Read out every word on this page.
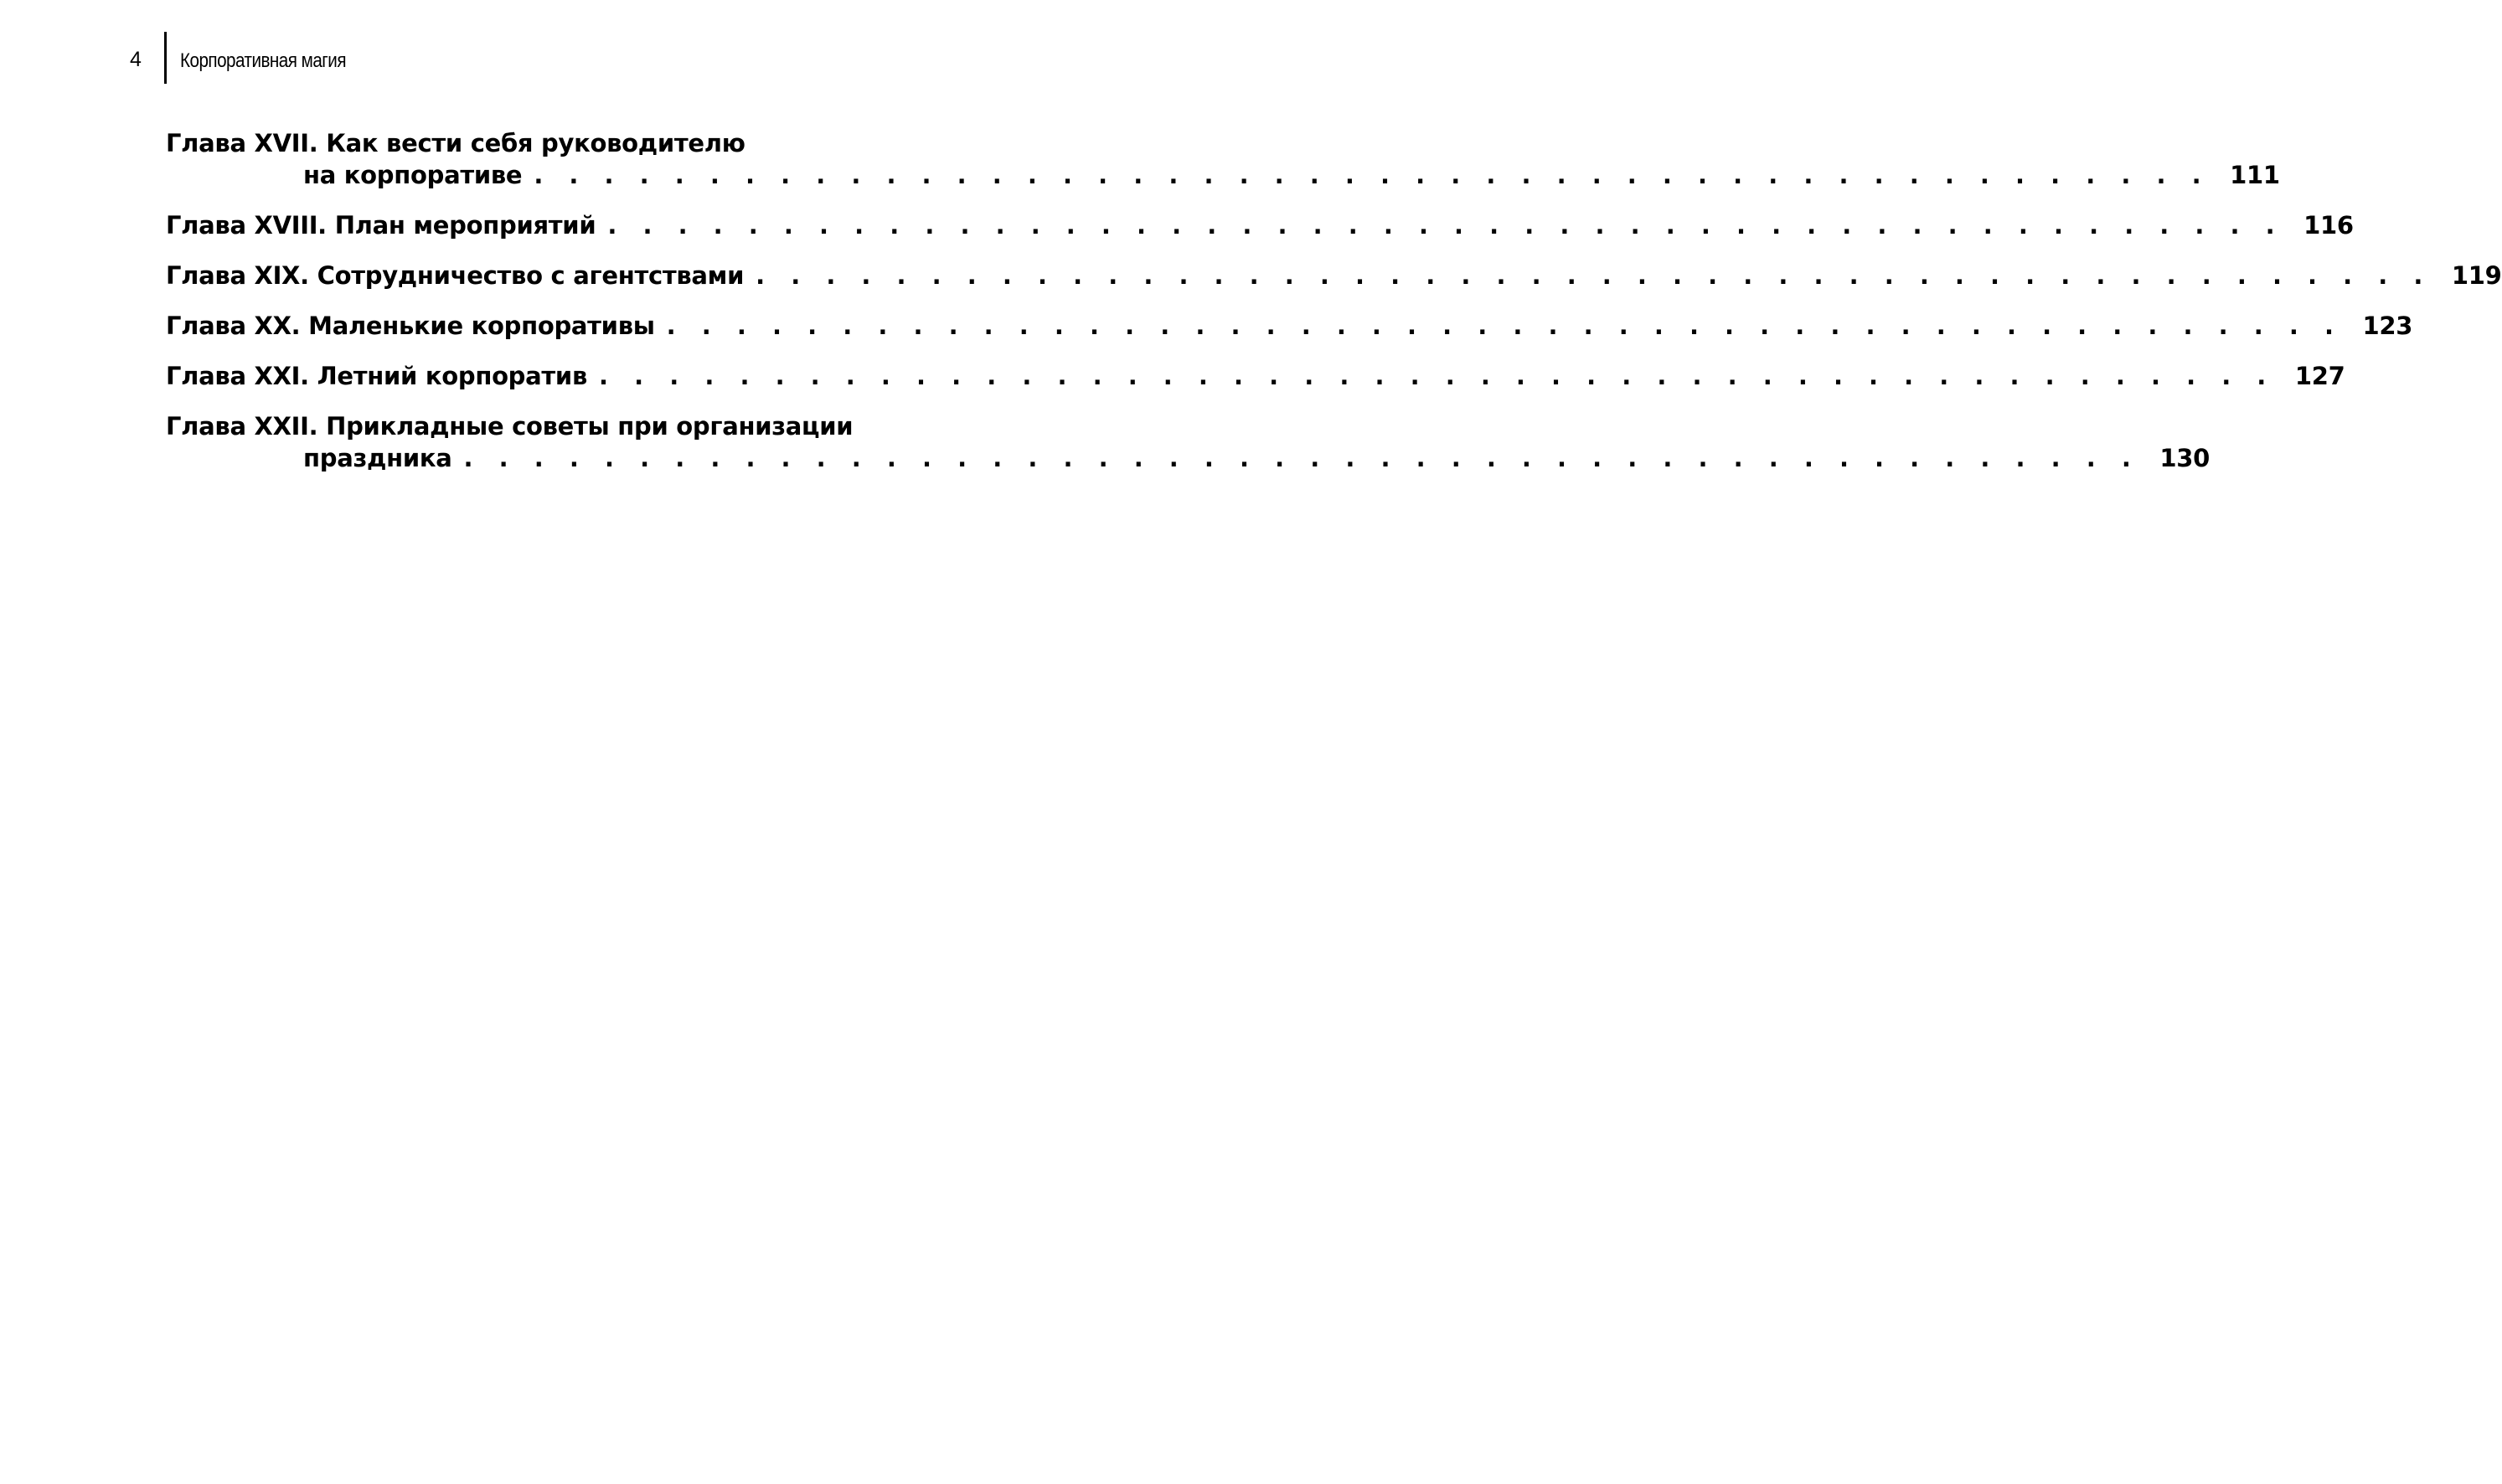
4 Корпоративная магия
Глава XVII. Как вести себя руководителю
на корпоративе . . . . . . . . . . . . . . . . . . . . . . . . . . . . . . . . . . . . . . . . . . . . . . . . 111
Глава XVIII. План мероприятий . . . . . . . . . . . . . . . . . . . . . . . . . . . . . . . . . . . . . . . . . . . . . . . . 116
Глава XIX. Сотрудничество с агентствами . . . . . . . . . . . . . . . . . . . . . . . . . . . . . . . . . . . . . . . . . . . . . . . . 119
Глава XX. Маленькие корпоративы . . . . . . . . . . . . . . . . . . . . . . . . . . . . . . . . . . . . . . . . . . . . . . . . 123
Глава XXI. Летний корпоратив . . . . . . . . . . . . . . . . . . . . . . . . . . . . . . . . . . . . . . . . . . . . . . . . 127
Глава XXII. Прикладные советы при организации
праздника . . . . . . . . . . . . . . . . . . . . . . . . . . . . . . . . . . . . . . . . . . . . . . . . 130
